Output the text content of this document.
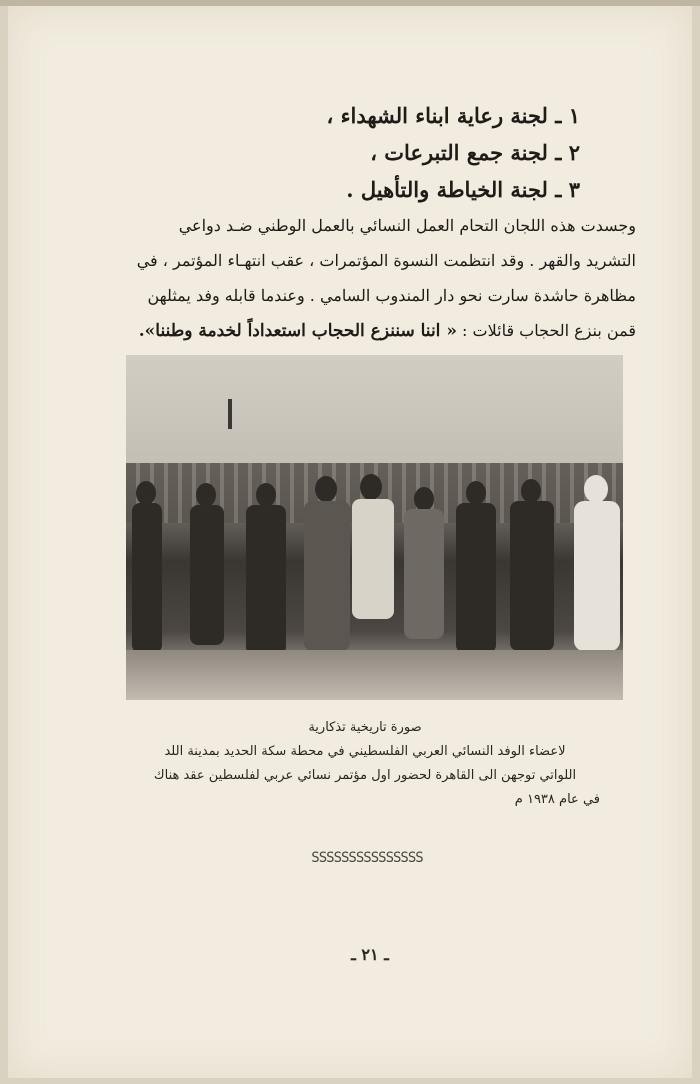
١ ـ لجنة رعاية ابناء الشهداء ،
٢ ـ لجنة جمع التبرعات ،
٣ ـ لجنة الخياطة والتأهيل .
وجسدت هذه اللجان التحام العمل النسائي بالعمل الوطني ضـد دواعي
التشريد والقهر . وقد انتظمت النسوة المؤتمرات ، عقب انتهـاء المؤتمر ، في
مظاهرة حاشدة سارت نحو دار المندوب السامي . وعندما قابله وفد يمثلهن
قمن بنزع الحجاب قائلات : « اننا سننزع الحجاب استعداداً لخدمة وطننا».
صورة تاريخية تذكارية
لاعضاء الوفد النسائي العربي الفلسطيني في محطة سكة الحديد بمدينة اللد
اللواتي توجهن الى القاهرة لحضور اول مؤتمر نسائي عربي لفلسطين عقد هناك
في عام ١٩٣٨ م
SSSSSSSSSSSSSSS
ـ ٢١ ـ
